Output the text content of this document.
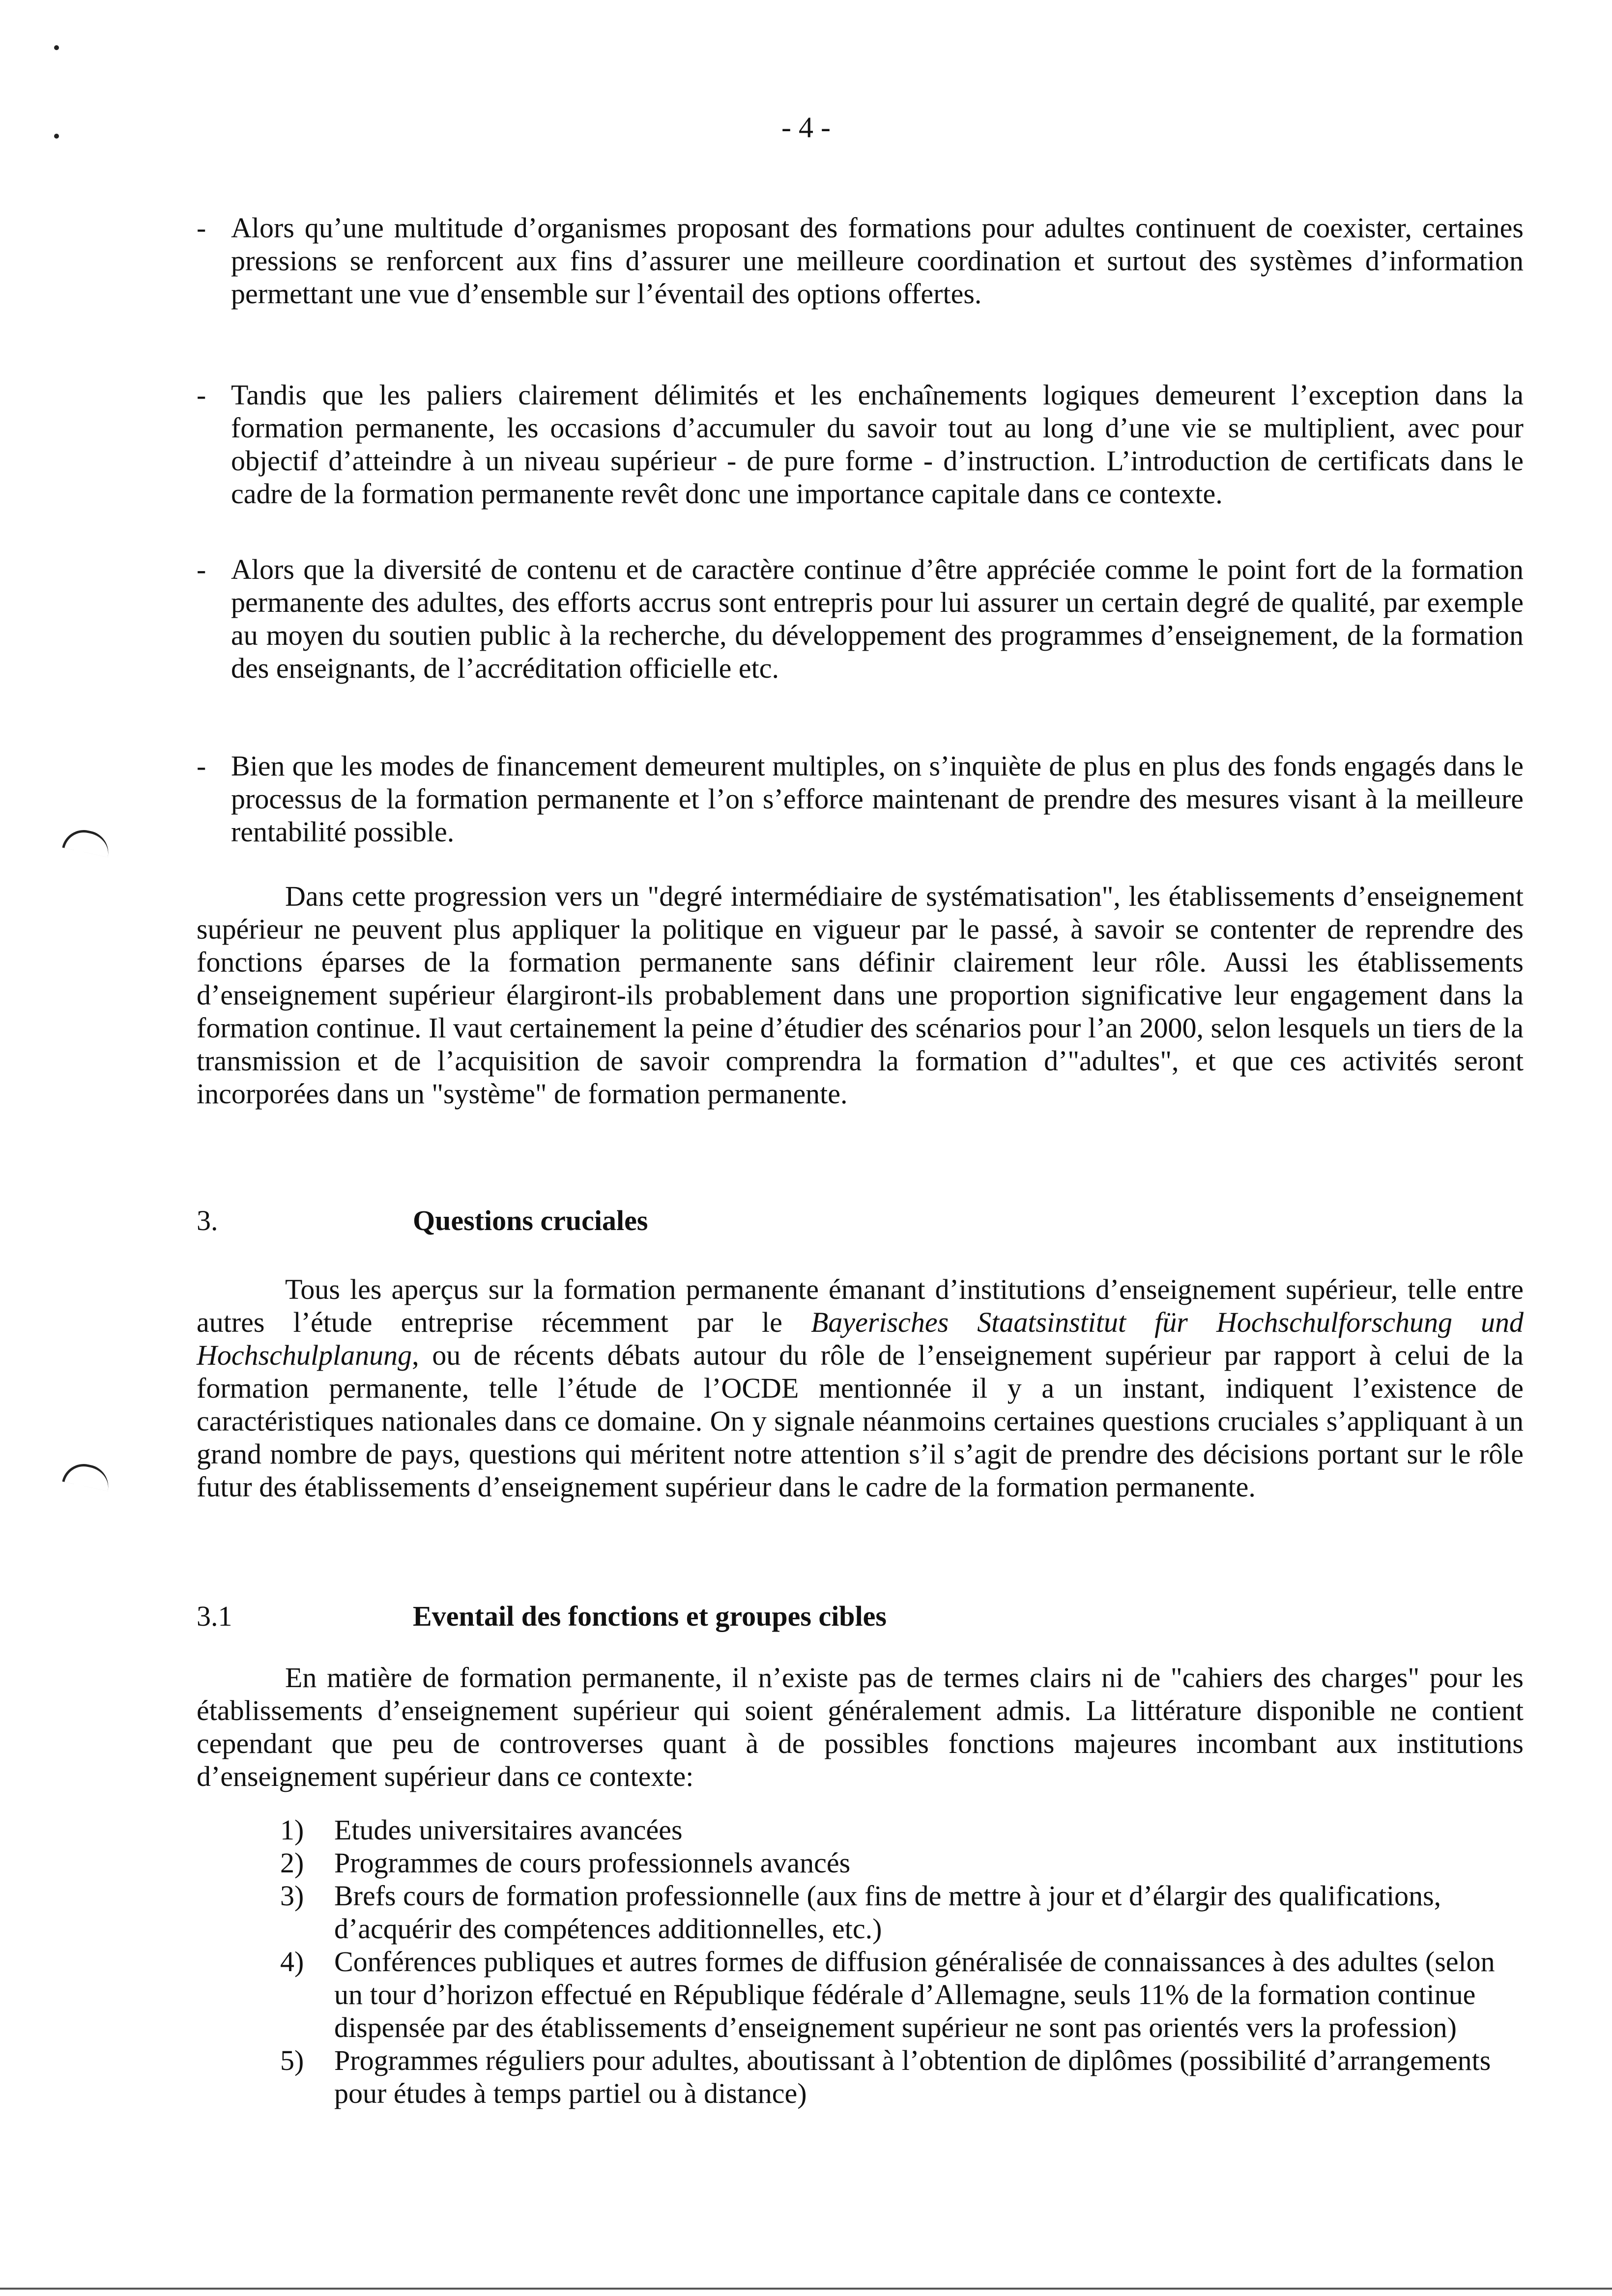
- 4 -
- Alors qu’une multitude d’organismes proposant des formations pour adultes continuent de coexister, certaines pressions se renforcent aux fins d’assurer une meilleure coordination et surtout des systèmes d’information permettant une vue d’ensemble sur l’éventail des options offertes.
- Tandis que les paliers clairement délimités et les enchaînements logiques demeurent l’exception dans la formation permanente, les occasions d’accumuler du savoir tout au long d’une vie se multiplient, avec pour objectif d’atteindre à un niveau supérieur - de pure forme - d’instruction. L’introduction de certificats dans le cadre de la formation permanente revêt donc une importance capitale dans ce contexte.
- Alors que la diversité de contenu et de caractère continue d’être appréciée comme le point fort de la formation permanente des adultes, des efforts accrus sont entrepris pour lui assurer un certain degré de qualité, par exemple au moyen du soutien public à la recherche, du développement des programmes d’enseignement, de la formation des enseignants, de l’accréditation officielle etc.
- Bien que les modes de financement demeurent multiples, on s’inquiète de plus en plus des fonds engagés dans le processus de la formation permanente et l’on s’efforce maintenant de prendre des mesures visant à la meilleure rentabilité possible.
Dans cette progression vers un "degré intermédiaire de systématisation", les établissements d’enseignement supérieur ne peuvent plus appliquer la politique en vigueur par le passé, à savoir se contenter de reprendre des fonctions éparses de la formation permanente sans définir clairement leur rôle. Aussi les établissements d’enseignement supérieur élargiront-ils probablement dans une proportion significative leur engagement dans la formation continue. Il vaut certainement la peine d’étudier des scénarios pour l’an 2000, selon lesquels un tiers de la transmission et de l’acquisition de savoir comprendra la formation d’"adultes", et que ces activités seront incorporées dans un "système" de formation permanente.
3.	Questions cruciales
Tous les aperçus sur la formation permanente émanant d’institutions d’enseignement supérieur, telle entre autres l’étude entreprise récemment par le Bayerisches Staatsinstitut für Hochschulforschung und Hochschulplanung, ou de récents débats autour du rôle de l’enseignement supérieur par rapport à celui de la formation permanente, telle l’étude de l’OCDE mentionnée il y a un instant, indiquent l’existence de caractéristiques nationales dans ce domaine. On y signale néanmoins certaines questions cruciales s’appliquant à un grand nombre de pays, questions qui méritent notre attention s’il s’agit de prendre des décisions portant sur le rôle futur des établissements d’enseignement supérieur dans le cadre de la formation permanente.
3.1	Eventail des fonctions et groupes cibles
En matière de formation permanente, il n’existe pas de termes clairs ni de "cahiers des charges" pour les établissements d’enseignement supérieur qui soient généralement admis. La littérature disponible ne contient cependant que peu de controverses quant à de possibles fonctions majeures incombant aux institutions d’enseignement supérieur dans ce contexte:
1) Etudes universitaires avancées
2) Programmes de cours professionnels avancés
3) Brefs cours de formation professionnelle (aux fins de mettre à jour et d’élargir des qualifications, d’acquérir des compétences additionnelles, etc.)
4) Conférences publiques et autres formes de diffusion généralisée de connaissances à des adultes (selon un tour d’horizon effectué en République fédérale d’Allemagne, seuls 11% de la formation continue dispensée par des établissements d’enseignement supérieur ne sont pas orientés vers la profession)
5) Programmes réguliers pour adultes, aboutissant à l’obtention de diplômes (possibilité d’arrangements pour études à temps partiel ou à distance)
